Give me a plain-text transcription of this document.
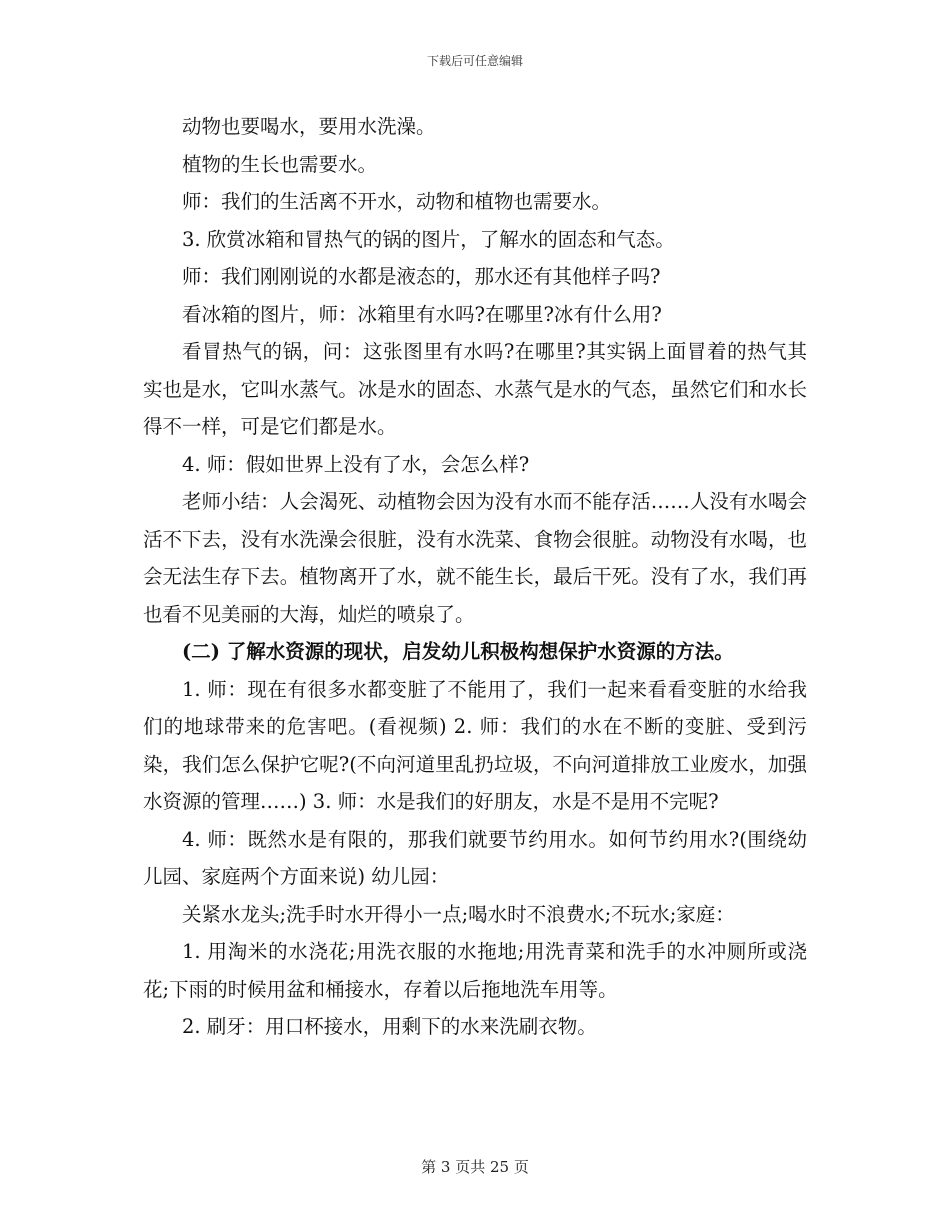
下载后可任意编辑

动物也要喝水，要用水洗澡。

植物的生长也需要水。

师：我们的生活离不开水，动物和植物也需要水。

3. 欣赏冰箱和冒热气的锅的图片，了解水的固态和气态。

师：我们刚刚说的水都是液态的，那水还有其他样子吗?

看冰箱的图片，师：冰箱里有水吗?在哪里?冰有什么用?

看冒热气的锅，问：这张图里有水吗?在哪里?其实锅上面冒着的热气其实也是水，它叫水蒸气。冰是水的固态、水蒸气是水的气态，虽然它们和水长得不一样，可是它们都是水。

4. 师：假如世界上没有了水，会怎么样?

老师小结：人会渴死、动植物会因为没有水而不能存活……人没有水喝会活不下去，没有水洗澡会很脏，没有水洗菜、食物会很脏。动物没有水喝，也会无法生存下去。植物离开了水，就不能生长，最后干死。没有了水，我们再也看不见美丽的大海，灿烂的喷泉了。

(二) 了解水资源的现状，启发幼儿积极构想保护水资源的方法。

1. 师：现在有很多水都变脏了不能用了，我们一起来看看变脏的水给我们的地球带来的危害吧。(看视频) 2. 师：我们的水在不断的变脏、受到污染，我们怎么保护它呢?(不向河道里乱扔垃圾，不向河道排放工业废水，加强水资源的管理……) 3. 师：水是我们的好朋友，水是不是用不完呢?

4. 师：既然水是有限的，那我们就要节约用水。如何节约用水?(围绕幼儿园、家庭两个方面来说) 幼儿园：

关紧水龙头;洗手时水开得小一点;喝水时不浪费水;不玩水;家庭：

1. 用淘米的水浇花;用洗衣服的水拖地;用洗青菜和洗手的水冲厕所或浇花;下雨的时候用盆和桶接水，存着以后拖地洗车用等。

2. 刷牙：用口杯接水，用剩下的水来洗刷衣物。

第 3 页共 25 页
